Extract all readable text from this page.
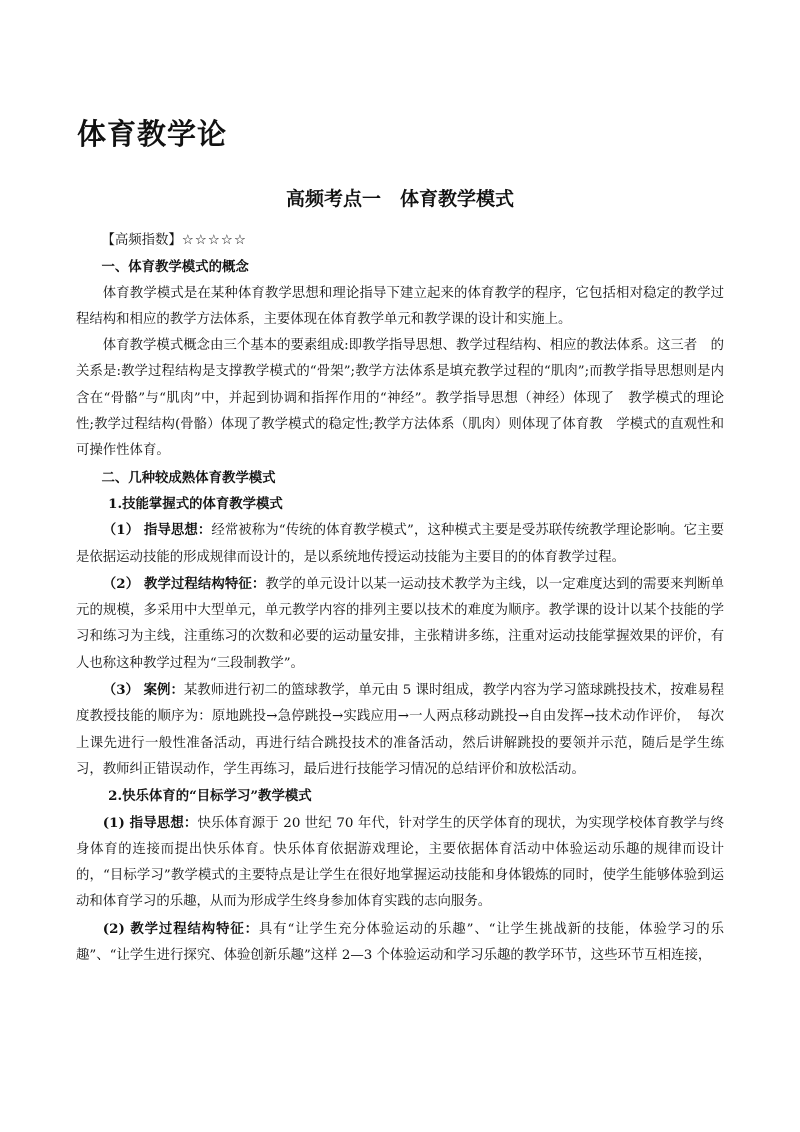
体育教学论
高频考点一　体育教学模式

【高频指数】☆☆☆☆☆

一、体育教学模式的概念

体育教学模式是在某种体育教学思想和理论指导下建立起来的体育教学的程序，它包括相对稳定的教学过程结构和相应的教学方法体系，主要体现在体育教学单元和教学课的设计和实施上。

体育教学模式概念由三个基本的要素组成:即教学指导思想、教学过程结构、相应的教法体系。这三者　的关系是:教学过程结构是支撑教学模式的“骨架”;教学方法体系是填充教学过程的“肌肉”;而教学指导思想则是内含在“骨骼”与“肌肉”中，并起到协调和指挥作用的“神经”。教学指导思想（神经）体现了　教学模式的理论性;教学过程结构(骨骼）体现了教学模式的稳定性;教学方法体系（肌肉）则体现了体育教　学模式的直观性和可操作性体育。

二、几种较成熟体育教学模式

1.技能掌握式的体育教学模式

（1） 指导思想：经常被称为“传统的体育教学模式”，这种模式主要是受苏联传统教学理论影响。它主要是依据运动技能的形成规律而设计的，是以系统地传授运动技能为主要目的的体育教学过程。

（2） 教学过程结构特征：教学的单元设计以某一运动技术教学为主线，以一定难度达到的需要来判断单元的规模，多采用中大型单元，单元教学内容的排列主要以技术的难度为顺序。教学课的设计以某个技能的学习和练习为主线，注重练习的次数和必要的运动量安排，主张精讲多练，注重对运动技能掌握效果的评价，有人也称这种教学过程为“三段制教学”。

（3） 案例：某教师进行初二的篮球教学，单元由 5 课时组成，教学内容为学习篮球跳投技术，按难易程度教授技能的顺序为：原地跳投→急停跳投→实践应用→一人两点移动跳投→自由发挥→技术动作评价，　每次上课先进行一般性准备活动，再进行结合跳投技术的准备活动，然后讲解跳投的要领并示范，随后是学生练习，教师纠正错误动作，学生再练习，最后进行技能学习情况的总结评价和放松活动。

2.快乐体育的“目标学习”教学模式

(1) 指导思想：快乐体育源于 20 世纪 70 年代，针对学生的厌学体育的现状，为实现学校体育教学与终身体育的连接而提出快乐体育。快乐体育依据游戏理论，主要依据体育活动中体验运动乐趣的规律而设计的，“目标学习”教学模式的主要特点是让学生在很好地掌握运动技能和身体锻炼的同时，使学生能够体验到运动和体育学习的乐趣，从而为形成学生终身参加体育实践的志向服务。

(2) 教学过程结构特征：具有“让学生充分体验运动的乐趣”、“让学生挑战新的技能，体验学习的乐趣”、“让学生进行探究、体验创新乐趣”这样 2—3 个体验运动和学习乐趣的教学环节，这些环节互相连接，
